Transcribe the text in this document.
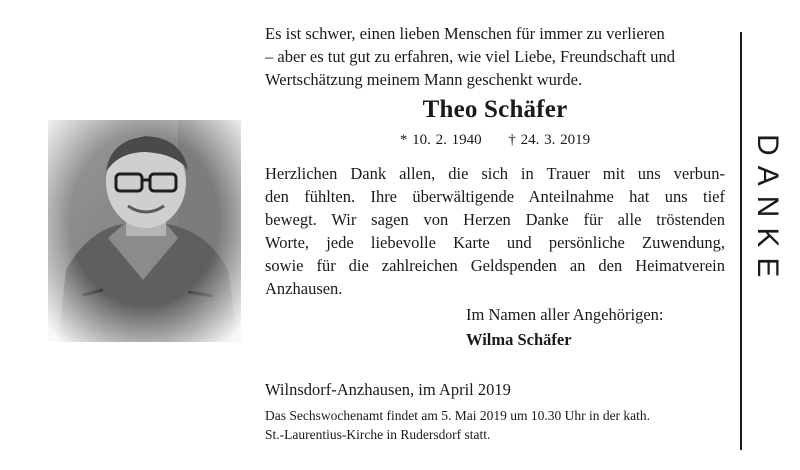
Es ist schwer, einen lieben Menschen für immer zu verlieren
– aber es tut gut zu erfahren, wie viel Liebe, Freundschaft und
Wertschätzung meinem Mann geschenkt wurde.
Theo Schäfer
* 10. 2. 1940 † 24. 3. 2019
Herzlichen Dank allen, die sich in Trauer mit uns verbun-
den fühlten. Ihre überwältigende Anteilnahme hat uns tief
bewegt. Wir sagen von Herzen Danke für alle tröstenden
Worte, jede liebevolle Karte und persönliche Zuwendung,
sowie für die zahlreichen Geldspenden an den Heimatverein
Anzhausen.
Im Namen aller Angehörigen:
Wilma Schäfer
Wilnsdorf-Anzhausen, im April 2019
Das Sechswochenamt findet am 5. Mai 2019 um 10.30 Uhr in der kath.
St.-Laurentius-Kirche in Rudersdorf statt.
DANKE
